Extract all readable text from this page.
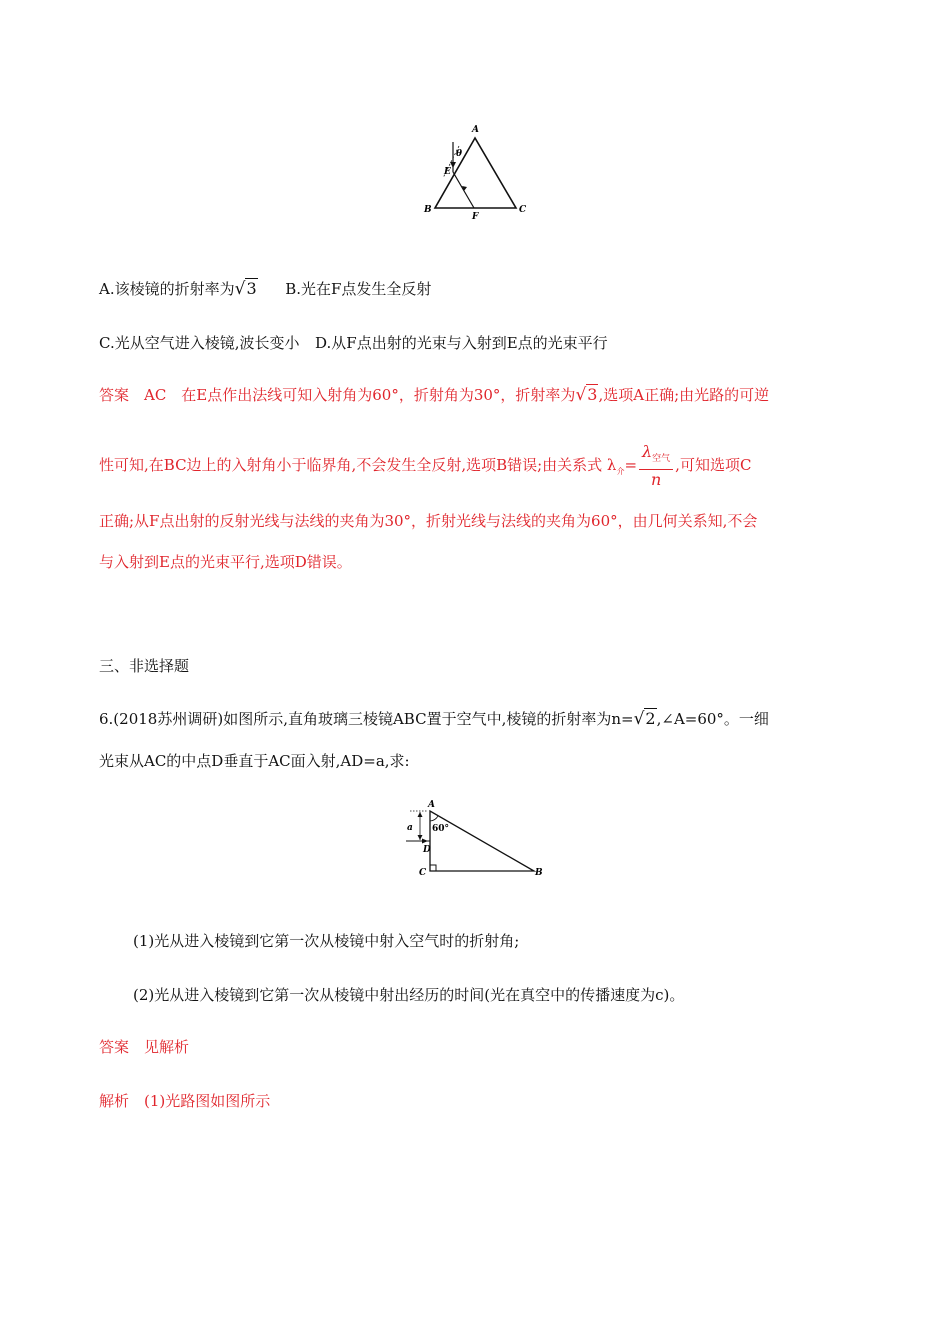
A
θ
E
B
F
C
A.该棱镜的折射率为√3 B.光在F点发生全反射
C.光从空气进入棱镜,波长变小 D.从F点出射的光束与入射到E点的光束平行
答案　AC　在E点作出法线可知入射角为60°，折射角为30°，折射率为√3,选项A正确;由光路的可逆
性可知,在BC边上的入射角小于临界角,不会发生全反射,选项B错误;由关系式 $\lambda_介= \frac{\lambda_{空气}}{n}$ ,可知选项C
正确;从F点出射的反射光线与法线的夹角为30°，折射光线与法线的夹角为60°，由几何关系知,不会
与入射到E点的光束平行,选项D错误。
三、非选择题
6.(2018苏州调研)如图所示,直角玻璃三棱镜ABC置于空气中,棱镜的折射率为n=√2,∠A=60°。一细
光束从AC的中点D垂直于AC面入射,AD=a,求:
A
60°
a
D
C	B
(1)光从进入棱镜到它第一次从棱镜中射入空气时的折射角;
(2)光从进入棱镜到它第一次从棱镜中射出经历的时间(光在真空中的传播速度为c)。
答案　见解析
解析　(1)光路图如图所示
